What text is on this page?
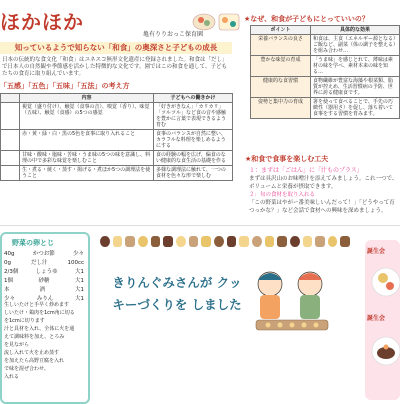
ほかほか
亀有りりおっこ保育園
知っているようで知らない「和食」の奥深さと子どもの成長
日本の伝統的な食文化「和食」はユネスコ無形文化遺産に登録されました。和食は「だし」で日本人の自然観や季節感を活かした特徴的な文化です。園ではこの和食を通して、子どもたちの食育に取り組んでいます。
「五感」「五色」「五味」「五法」の考え方
	内容	子どもへの働きかけ
	視覚（盛り付け）、触覚（食事の音）、嗅覚（香り）、味覚（五味）、触覚（食感）の5つの感覚	「好きがきなん」「カリカリ」「ツルツル」など食の音や感触を豊かに言葉で表現できるよう育む
	赤・黄・緑・白・黒の5色を食事に取り入れること	食事のバランスが自然に整い、カラフルな料理を楽しめるようにする
	甘味・酸味・塩味・苦味・うま味の5つの味を意識し、料理の中で多彩な味覚を楽しむこと	食の経験の幅を広げ、偏食のない健康的な食生活の基礎を作る
	生・煮る・焼く・蒸す・揚げる・煮ほか5つの調理法を使うこと	多様な調理法に触れて、一つの食材を色々な形で楽しむ
★なぜ、和食が子どもにとっていいの？
ポイント	具体的な効果
栄養バランスの良さ	和食は、主食（エネルギー源となる）ご飯など、副菜（体の調子を整える）を組み合わせ…
豊かな味覚の育成	「うま味」を感じとれて、薄味は素材の味を学べ、素材本来の味を知る…
健康的な食習慣	食物繊維が豊富な海藻や根菜類、脂質が控えめ、生活習慣病の予防、世界に誇る健康食です。
姿勢と集中力の育成	箸を使って食べることで、手先の巧緻性（器用さ）を促し、落ち着いて食事をする習慣を育みます。
★和食で食事を楽しむ工夫
１：まずは「ごはん」に「汁ものプラス」
まずは具沢山のお味噌汁を添えてみましょう。これ一つで、ボリュームと栄養が摂取できます。
２：旬の食材を取り入れる
「この野菜はやがー番美味しいんだって！」「どうやって育つっかな？」など会話で食材への興味を深めましょう。
野菜の卵とじ
40g	かつお節	少々
0g	だし汁	100cc
2/3個	しょうゆ	大1
1個	砂糖	大1
本	酒	大1
少々	みりん	大1
生しいたけと手早く炒めます
しいたけ・鶏肉を1cm角に切る
を1cmに切ります
汁と具材を入れ、全体に火を通
えて調味料を加え、とろみ
を見ながら
流し入れて火を止め蒸す
を加えたら高野豆腐を入れ
で味を混ぜ合わせ、
入れる
きりんぐみさんが クッキーづくりを しました
誕生会
誕生会
